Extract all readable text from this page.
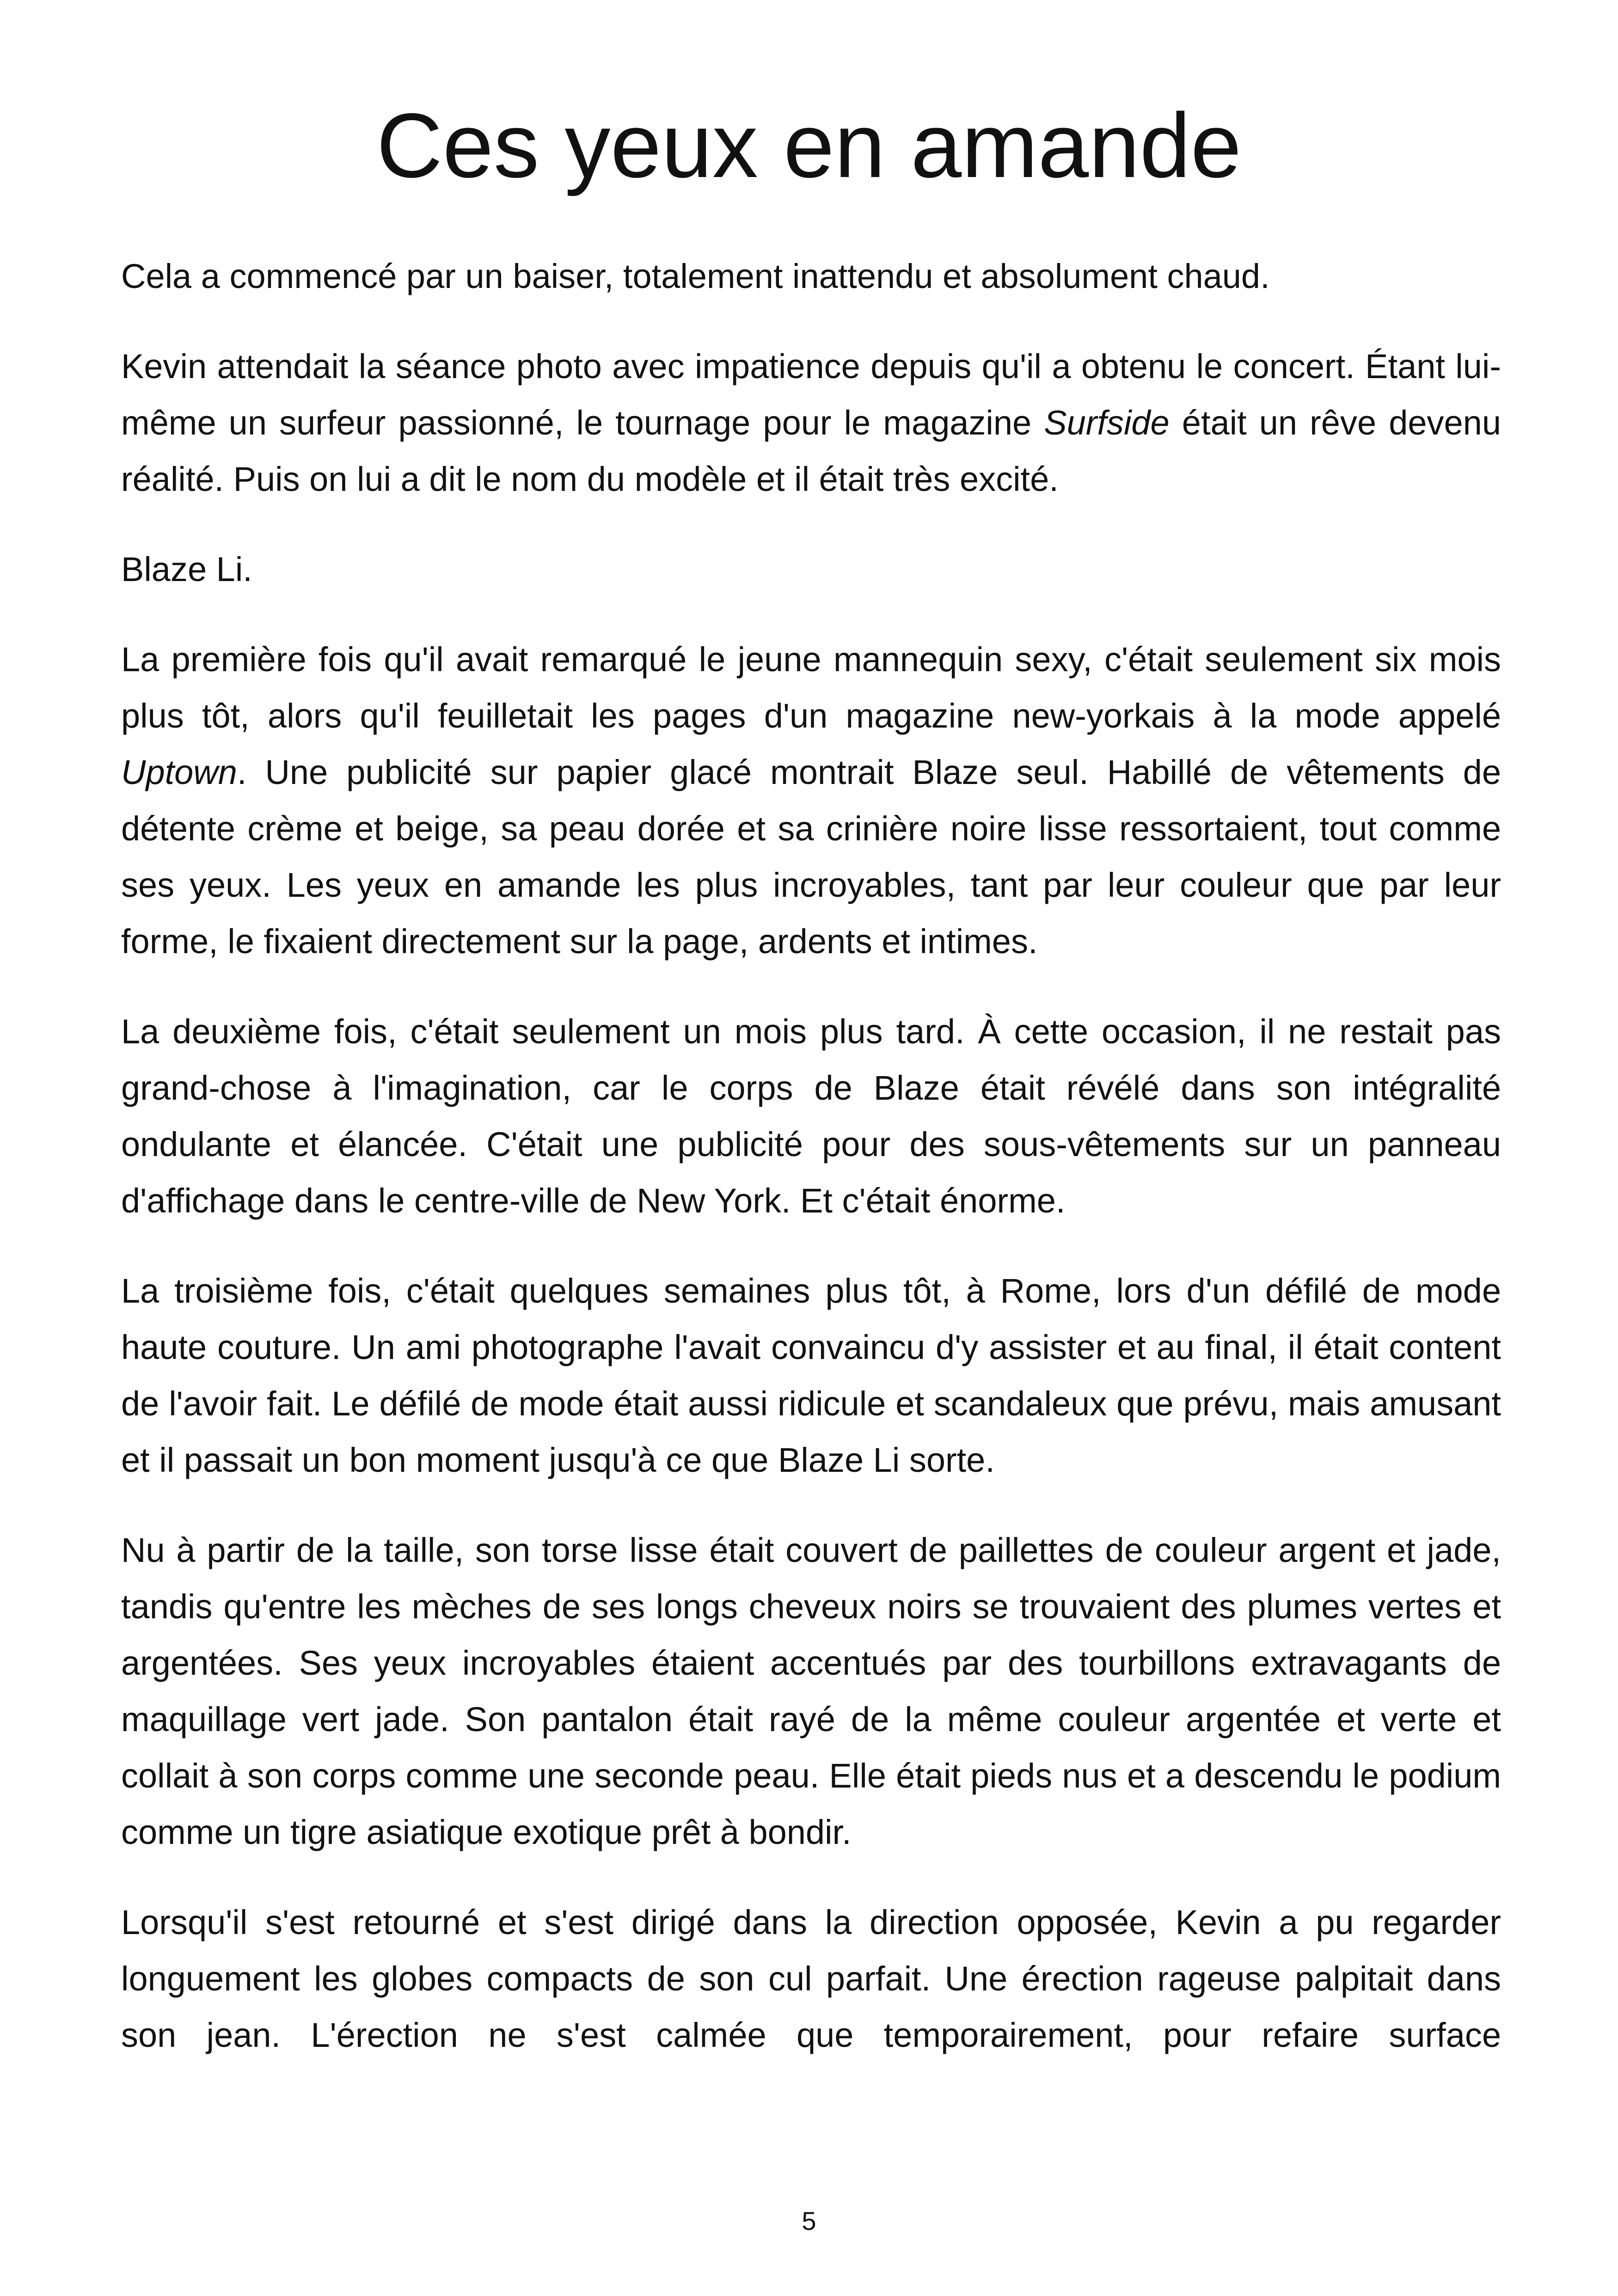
Ces yeux en amande

Cela a commencé par un baiser, totalement inattendu et absolument chaud.

Kevin attendait la séance photo avec impatience depuis qu'il a obtenu le concert. Étant lui-même un surfeur passionné, le tournage pour le magazine Surfside était un rêve devenu réalité. Puis on lui a dit le nom du modèle et il était très excité.

Blaze Li.

La première fois qu'il avait remarqué le jeune mannequin sexy, c'était seulement six mois plus tôt, alors qu'il feuilletait les pages d'un magazine new-yorkais à la mode appelé Uptown. Une publicité sur papier glacé montrait Blaze seul. Habillé de vêtements de détente crème et beige, sa peau dorée et sa crinière noire lisse ressortaient, tout comme ses yeux. Les yeux en amande les plus incroyables, tant par leur couleur que par leur forme, le fixaient directement sur la page, ardents et intimes.

La deuxième fois, c'était seulement un mois plus tard. À cette occasion, il ne restait pas grand-chose à l'imagination, car le corps de Blaze était révélé dans son intégralité ondulante et élancée. C'était une publicité pour des sous-vêtements sur un panneau d'affichage dans le centre-ville de New York. Et c'était énorme.

La troisième fois, c'était quelques semaines plus tôt, à Rome, lors d'un défilé de mode haute couture. Un ami photographe l'avait convaincu d'y assister et au final, il était content de l'avoir fait. Le défilé de mode était aussi ridicule et scandaleux que prévu, mais amusant et il passait un bon moment jusqu'à ce que Blaze Li sorte.

Nu à partir de la taille, son torse lisse était couvert de paillettes de couleur argent et jade, tandis qu'entre les mèches de ses longs cheveux noirs se trouvaient des plumes vertes et argentées. Ses yeux incroyables étaient accentués par des tourbillons extravagants de maquillage vert jade. Son pantalon était rayé de la même couleur argentée et verte et collait à son corps comme une seconde peau. Elle était pieds nus et a descendu le podium comme un tigre asiatique exotique prêt à bondir.

Lorsqu'il s'est retourné et s'est dirigé dans la direction opposée, Kevin a pu regarder longuement les globes compacts de son cul parfait. Une érection rageuse palpitait dans son jean. L'érection ne s'est calmée que temporairement, pour refaire surface

5
